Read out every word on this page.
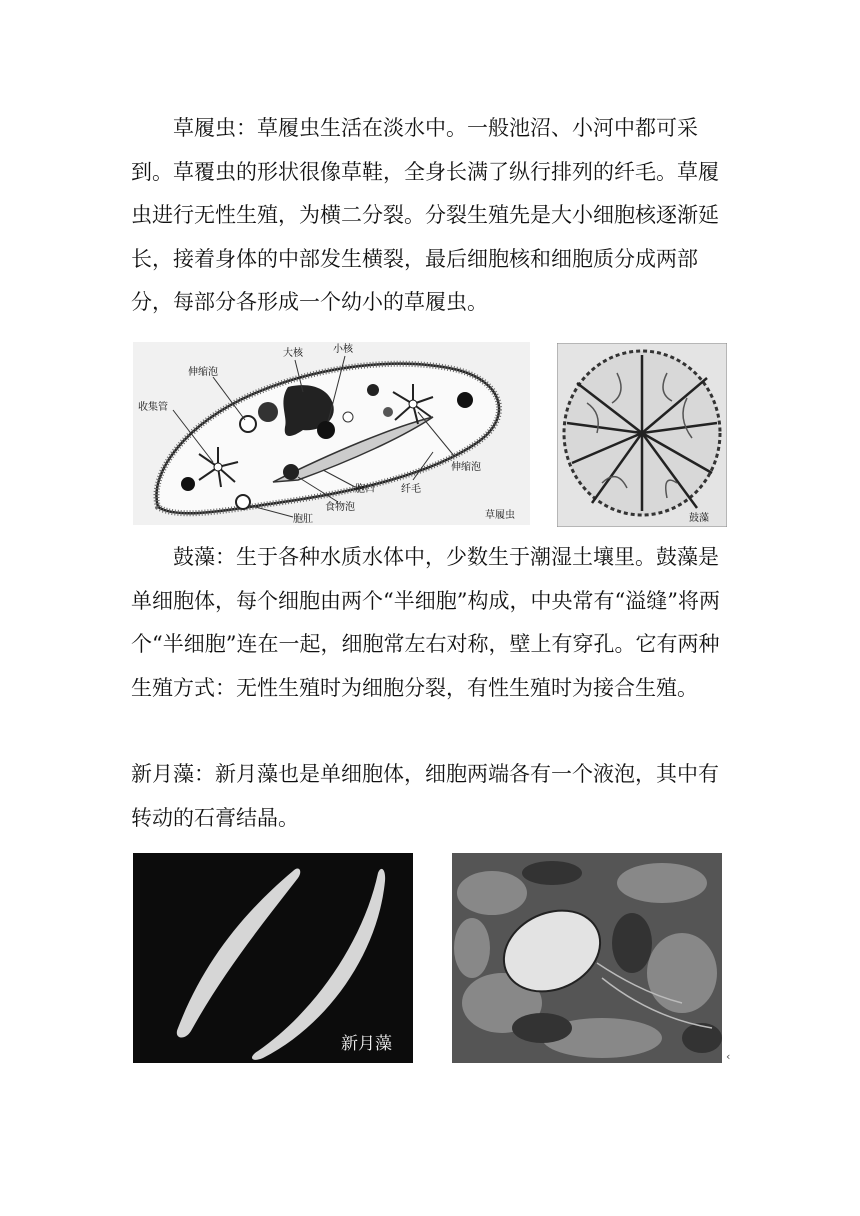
草履虫：草履虫生活在淡水中。一般池沼、小河中都可采到。草覆虫的形状很像草鞋，全身长满了纵行排列的纤毛。草履虫进行无性生殖，为横二分裂。分裂生殖先是大小细胞核逐渐延长，接着身体的中部发生横裂，最后细胞核和细胞质分成两部分，每部分各形成一个幼小的草履虫。

大核	小核
伸缩泡
收集管
纤毛
伸缩泡
胞口
食物泡
胞肛	草履虫	鼓藻

鼓藻：生于各种水质水体中，少数生于潮湿土壤里。鼓藻是单细胞体，每个细胞由两个“半细胞”构成，中央常有“溢缝”将两个“半细胞”连在一起，细胞常左右对称，壁上有穿孔。它有两种生殖方式：无性生殖时为细胞分裂，有性生殖时为接合生殖。

新月藻：新月藻也是单细胞体，细胞两端各有一个液泡，其中有转动的石膏结晶。

新月藻
‹
